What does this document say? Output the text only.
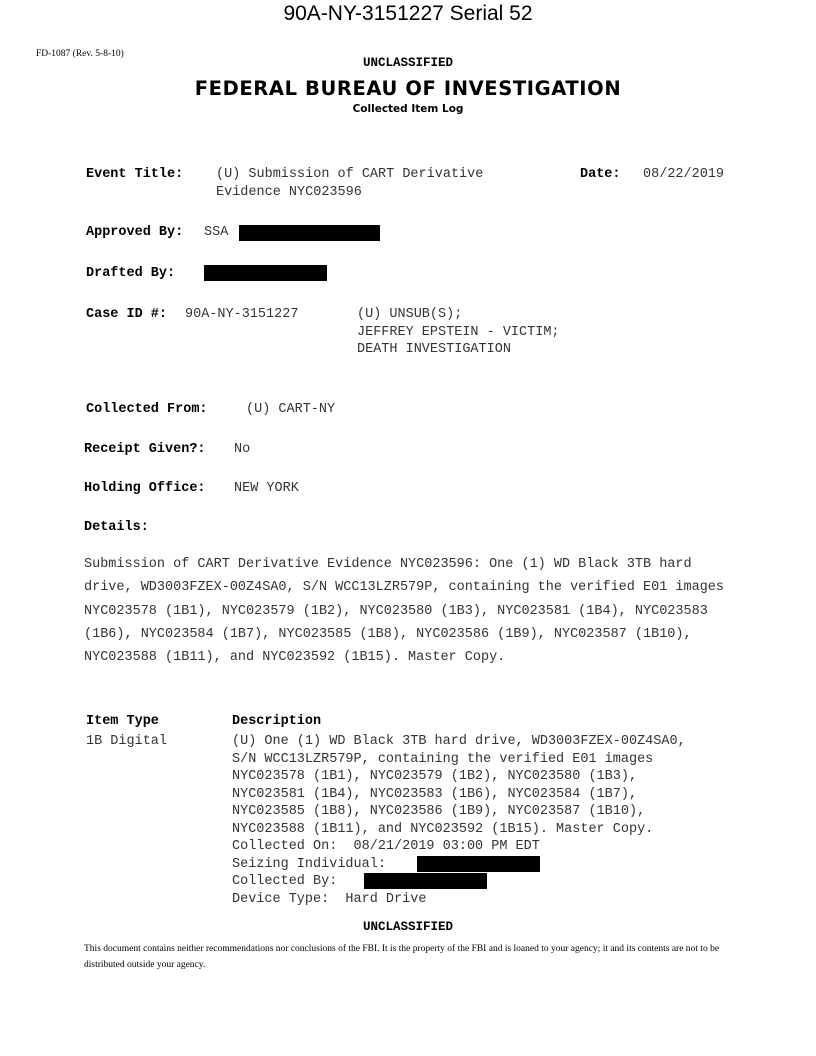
90A-NY-3151227 Serial 52
FD-1087 (Rev. 5-8-10)
UNCLASSIFIED
FEDERAL BUREAU OF INVESTIGATION
Collected Item Log
Event Title: (U) Submission of CART Derivative
Evidence NYC023596
Date: 08/22/2019
Approved By: SSA
Drafted By:
Case ID #: 90A-NY-3151227	(U) UNSUB(S);
JEFFREY EPSTEIN - VICTIM;
DEATH INVESTIGATION
Collected From:	(U) CART-NY
Receipt Given?: No
Holding Office: NEW YORK
Details:
Submission of CART Derivative Evidence NYC023596: One (1) WD Black 3TB hard drive, WD3003FZEX-00Z4SA0, S/N WCC13LZR579P, containing the verified E01 images NYC023578 (1B1), NYC023579 (1B2), NYC023580 (1B3), NYC023581 (1B4), NYC023583 (1B6), NYC023584 (1B7), NYC023585 (1B8), NYC023586 (1B9), NYC023587 (1B10), NYC023588 (1B11), and NYC023592 (1B15). Master Copy.
Item Type	Description
1B Digital	(U) One (1) WD Black 3TB hard drive, WD3003FZEX-00Z4SA0,
S/N WCC13LZR579P, containing the verified E01 images
NYC023578 (1B1), NYC023579 (1B2), NYC023580 (1B3),
NYC023581 (1B4), NYC023583 (1B6), NYC023584 (1B7),
NYC023585 (1B8), NYC023586 (1B9), NYC023587 (1B10),
NYC023588 (1B11), and NYC023592 (1B15). Master Copy.
Collected On:  08/21/2019 03:00 PM EDT
Seizing Individual:
Collected By:
Device Type:  Hard Drive
UNCLASSIFIED
This document contains neither recommendations nor conclusions of the FBI. It is the property of the FBI and is loaned to your agency; it and its contents are not to be distributed outside your agency.
